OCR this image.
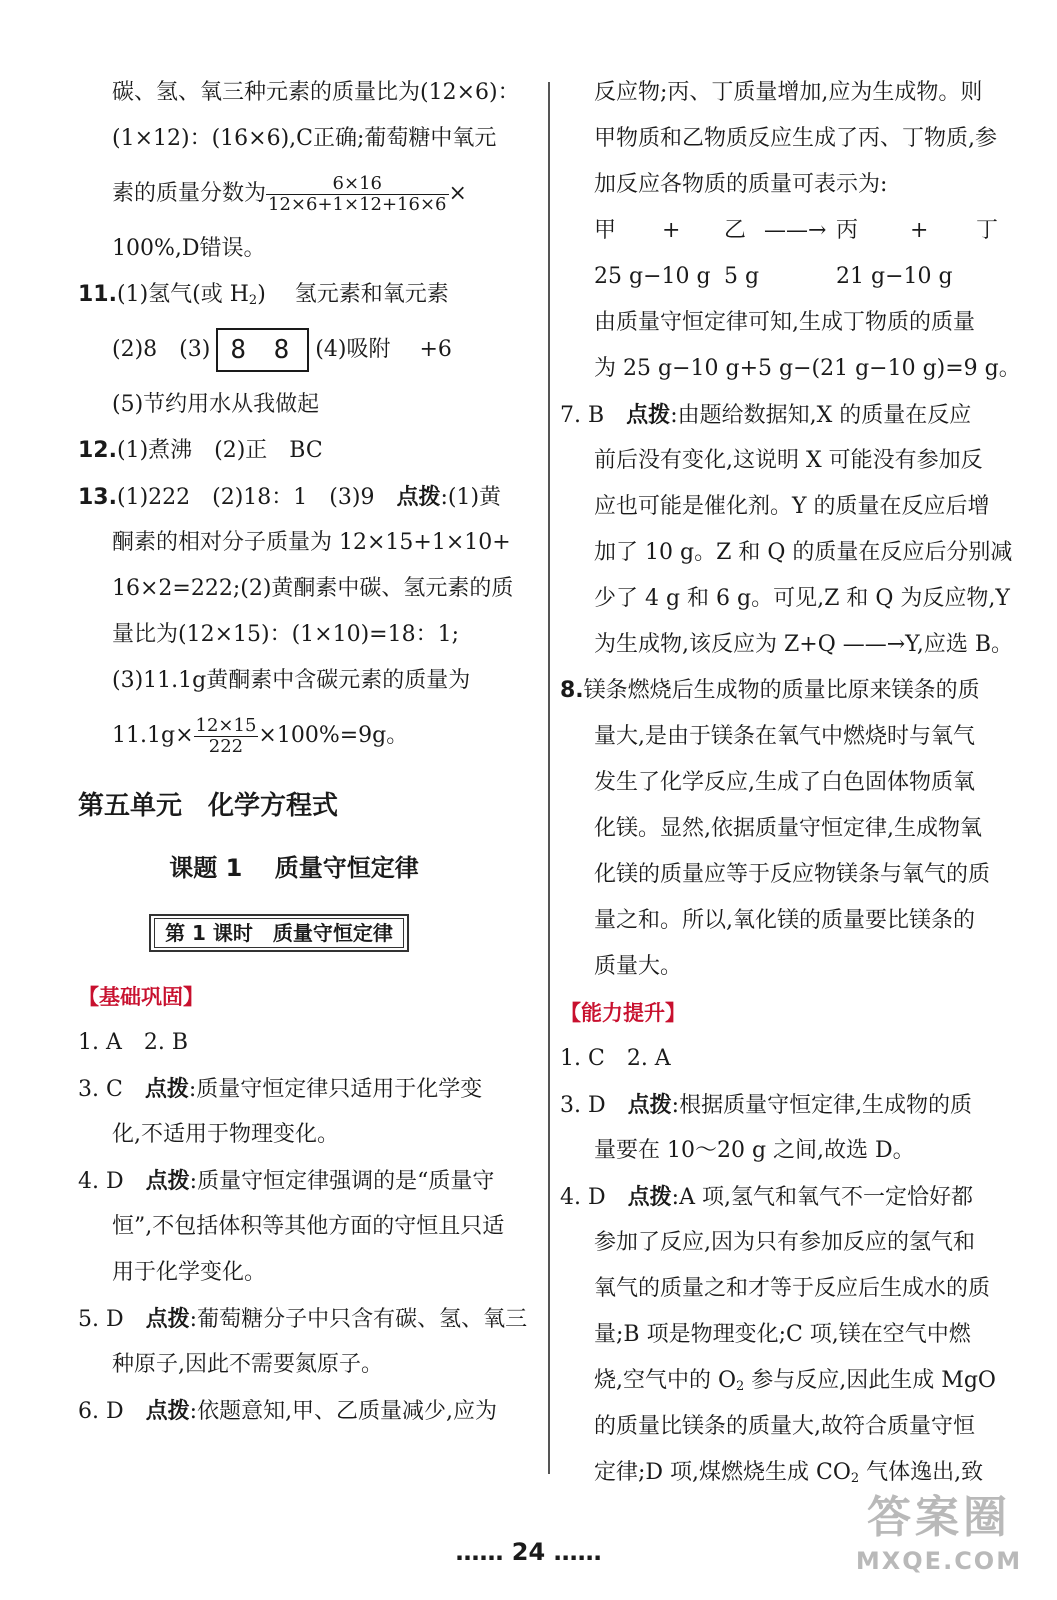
碳、氢、氧三种元素的质量比为(12×6)：
(1×12)：(16×6),C正确;葡萄糖中氧元
素的质量分数为 $\frac{6\times 16}{12\times 6+1\times 12+16\times 6}$ ×
100%,D错误。
11.(1)氢气(或 $H_2$)　 氢元素和氧元素
(2)8　(3) 8 8 (4)吸附　 +6
(5)节约用水从我做起
12.(1)煮沸　(2)正　BC
13.(1)222　(2)18：1　(3)9　点拨:(1)黄
酮素的相对分子质量为 12×15+1×10+
16×2=222;(2)黄酮素中碳、氢元素的质
量比为(12×15)：(1×10)=18：1;
(3)11.1g黄酮素中含碳元素的质量为
$11.1g\times \frac{12\times 15}{222} \times 100\%=9g$。
第五单元　化学方程式
课题 1　 质量守恒定律
第 1 课时　质量守恒定律
【基础巩固】
1. A　2. B
3. C　 点拨:质量守恒定律只适用于化学变
化,不适用于物理变化。
4. D　 点拨:质量守恒定律强调的是“质量守
恒”,不包括体积等其他方面的守恒且只适
用于化学变化。
5. D　 点拨:葡萄糖分子中只含有碳、氢、氧三
种原子,因此不需要氮原子。
6. D　 点拨:依题意知,甲、乙质量减少,应为
反应物;丙、丁质量增加,应为生成物。则
甲物质和乙物质反应生成了丙、丁物质,参
加反应各物质的质量可表示为:
甲 + 乙 ——→ 丙 + 丁
25 g−10 g 5 g	21 g−10 g
由质量守恒定律可知,生成丁物质的质量
为 25 g−10 g+5 g−(21 g−10 g)=9 g。
7. B　 点拨:由题给数据知,X 的质量在反应
前后没有变化,这说明 X 可能没有参加反
应也可能是催化剂。Y 的质量在反应后增
加了 10 g。Z 和 Q 的质量在反应后分别减
少了 4 g 和 6 g。可见,Z 和 Q 为反应物,Y
为生成物,该反应为 Z+Q ——→Y,应选 B。
8.镁条燃烧后生成物的质量比原来镁条的质
量大,是由于镁条在氧气中燃烧时与氧气
发生了化学反应,生成了白色固体物质氧
化镁。显然,依据质量守恒定律,生成物氧
化镁的质量应等于反应物镁条与氧气的质
量之和。所以,氧化镁的质量要比镁条的
质量大。
【能力提升】
1. C　2. A
3. D　 点拨:根据质量守恒定律,生成物的质
量要在 10～20 g 之间,故选 D。
4. D　 点拨:A 项,氢气和氧气不一定恰好都
参加了反应,因为只有参加反应的氢气和
氧气的质量之和才等于反应后生成水的质
量;B 项是物理变化;C 项,镁在空气中燃
烧,空气中的 $O_2$ 参与反应,因此生成 MgO
的质量比镁条的质量大,故符合质量守恒
定律;D 项,煤燃烧生成 $CO_2$ 气体逸出,致
…… 24 ……
答案圈
MXQE.COM
